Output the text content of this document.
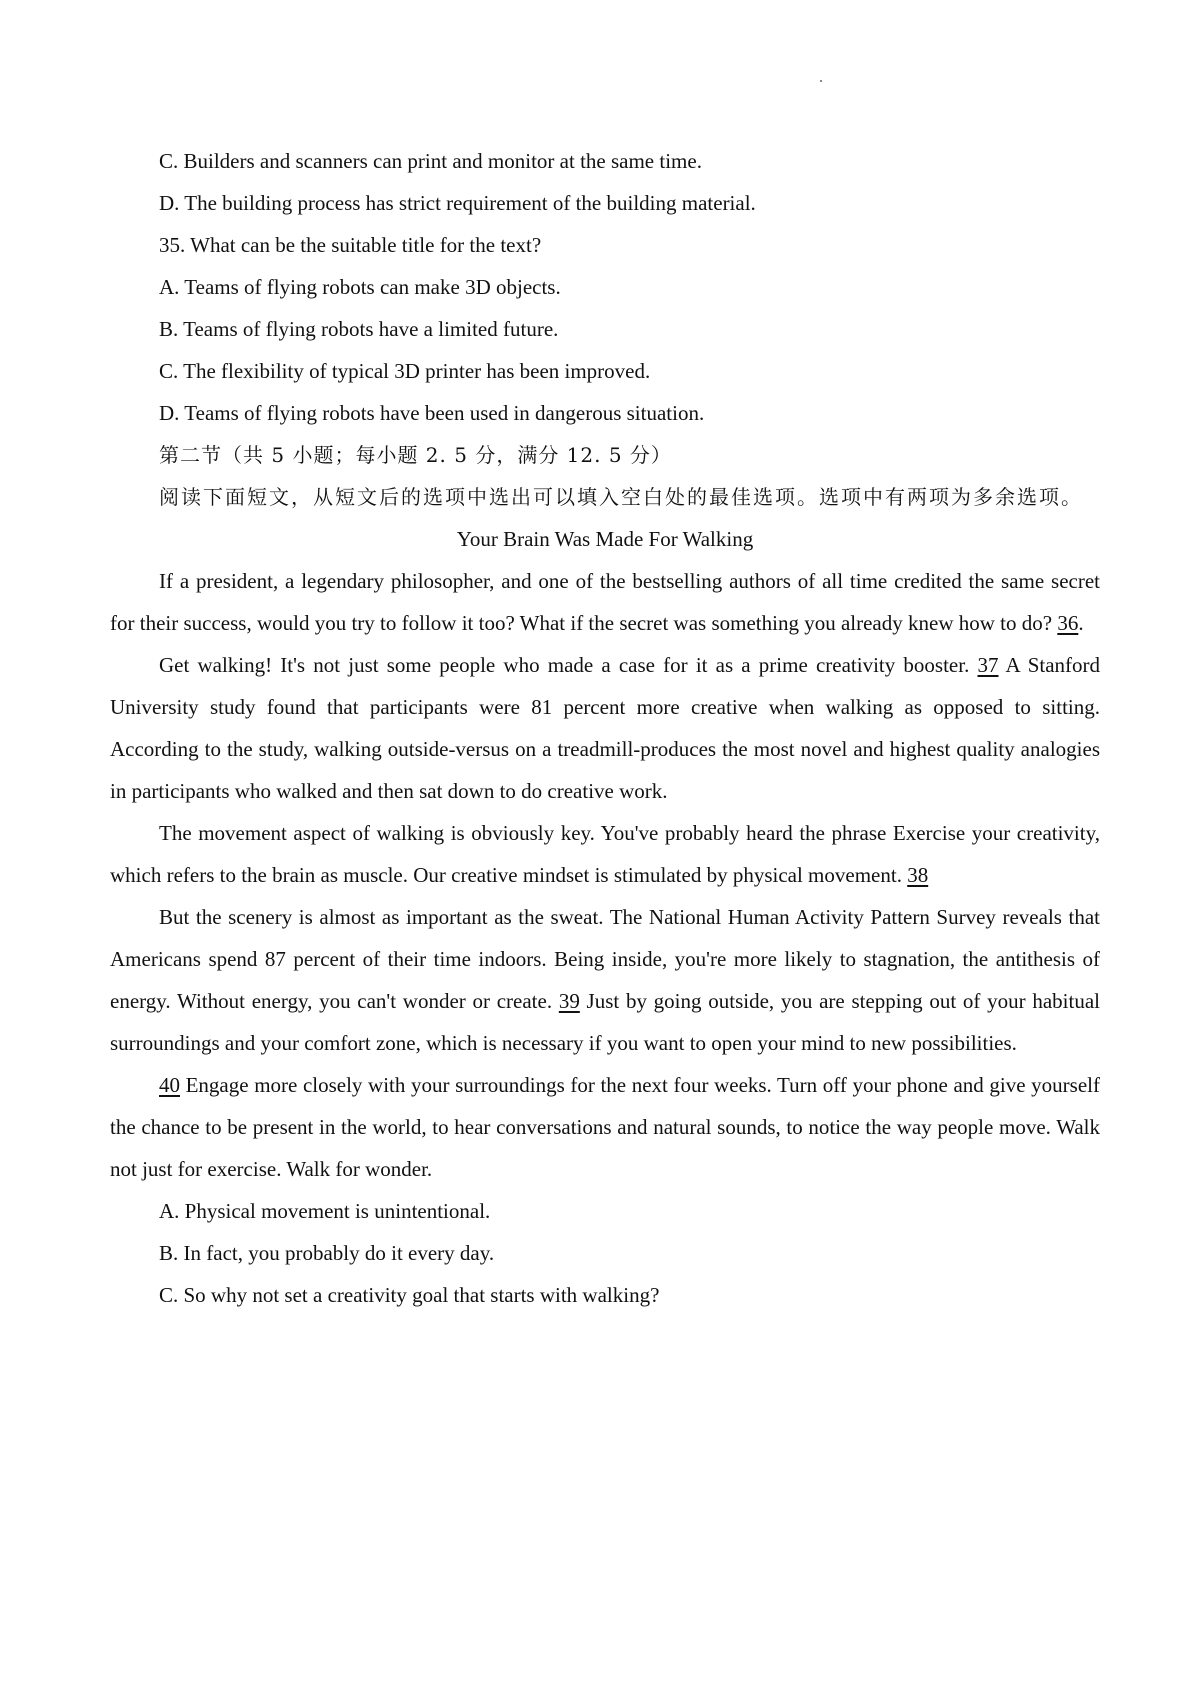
C. Builders and scanners can print and monitor at the same time.

D. The building process has strict requirement of the building material.

35. What can be the suitable title for the text?

A. Teams of flying robots can make 3D objects.

B. Teams of flying robots have a limited future.

C. The flexibility of typical 3D printer has been improved.

D. Teams of flying robots have been used in dangerous situation.

第二节（共 5 小题；每小题 2. 5 分，满分 12. 5 分）

阅读下面短文，从短文后的选项中选出可以填入空白处的最佳选项。选项中有两项为多余选项。

Your Brain Was Made For Walking

If a president, a legendary philosopher, and one of the bestselling authors of all time credited the same secret for their success, would you try to follow it too? What if the secret was something you already knew how to do? 36.

Get walking! It's not just some people who made a case for it as a prime creativity booster. 37 A Stanford University study found that participants were 81 percent more creative when walking as opposed to sitting. According to the study, walking outside-versus on a treadmill-produces the most novel and highest quality analogies in participants who walked and then sat down to do creative work.

The movement aspect of walking is obviously key. You've probably heard the phrase Exercise your creativity, which refers to the brain as muscle. Our creative mindset is stimulated by physical movement. 38

But the scenery is almost as important as the sweat. The National Human Activity Pattern Survey reveals that Americans spend 87 percent of their time indoors. Being inside, you're more likely to stagnation, the antithesis of energy. Without energy, you can't wonder or create. 39 Just by going outside, you are stepping out of your habitual surroundings and your comfort zone, which is necessary if you want to open your mind to new possibilities.

40 Engage more closely with your surroundings for the next four weeks. Turn off your phone and give yourself the chance to be present in the world, to hear conversations and natural sounds, to notice the way people move. Walk not just for exercise. Walk for wonder.

A. Physical movement is unintentional.

B. In fact, you probably do it every day.

C. So why not set a creativity goal that starts with walking?
